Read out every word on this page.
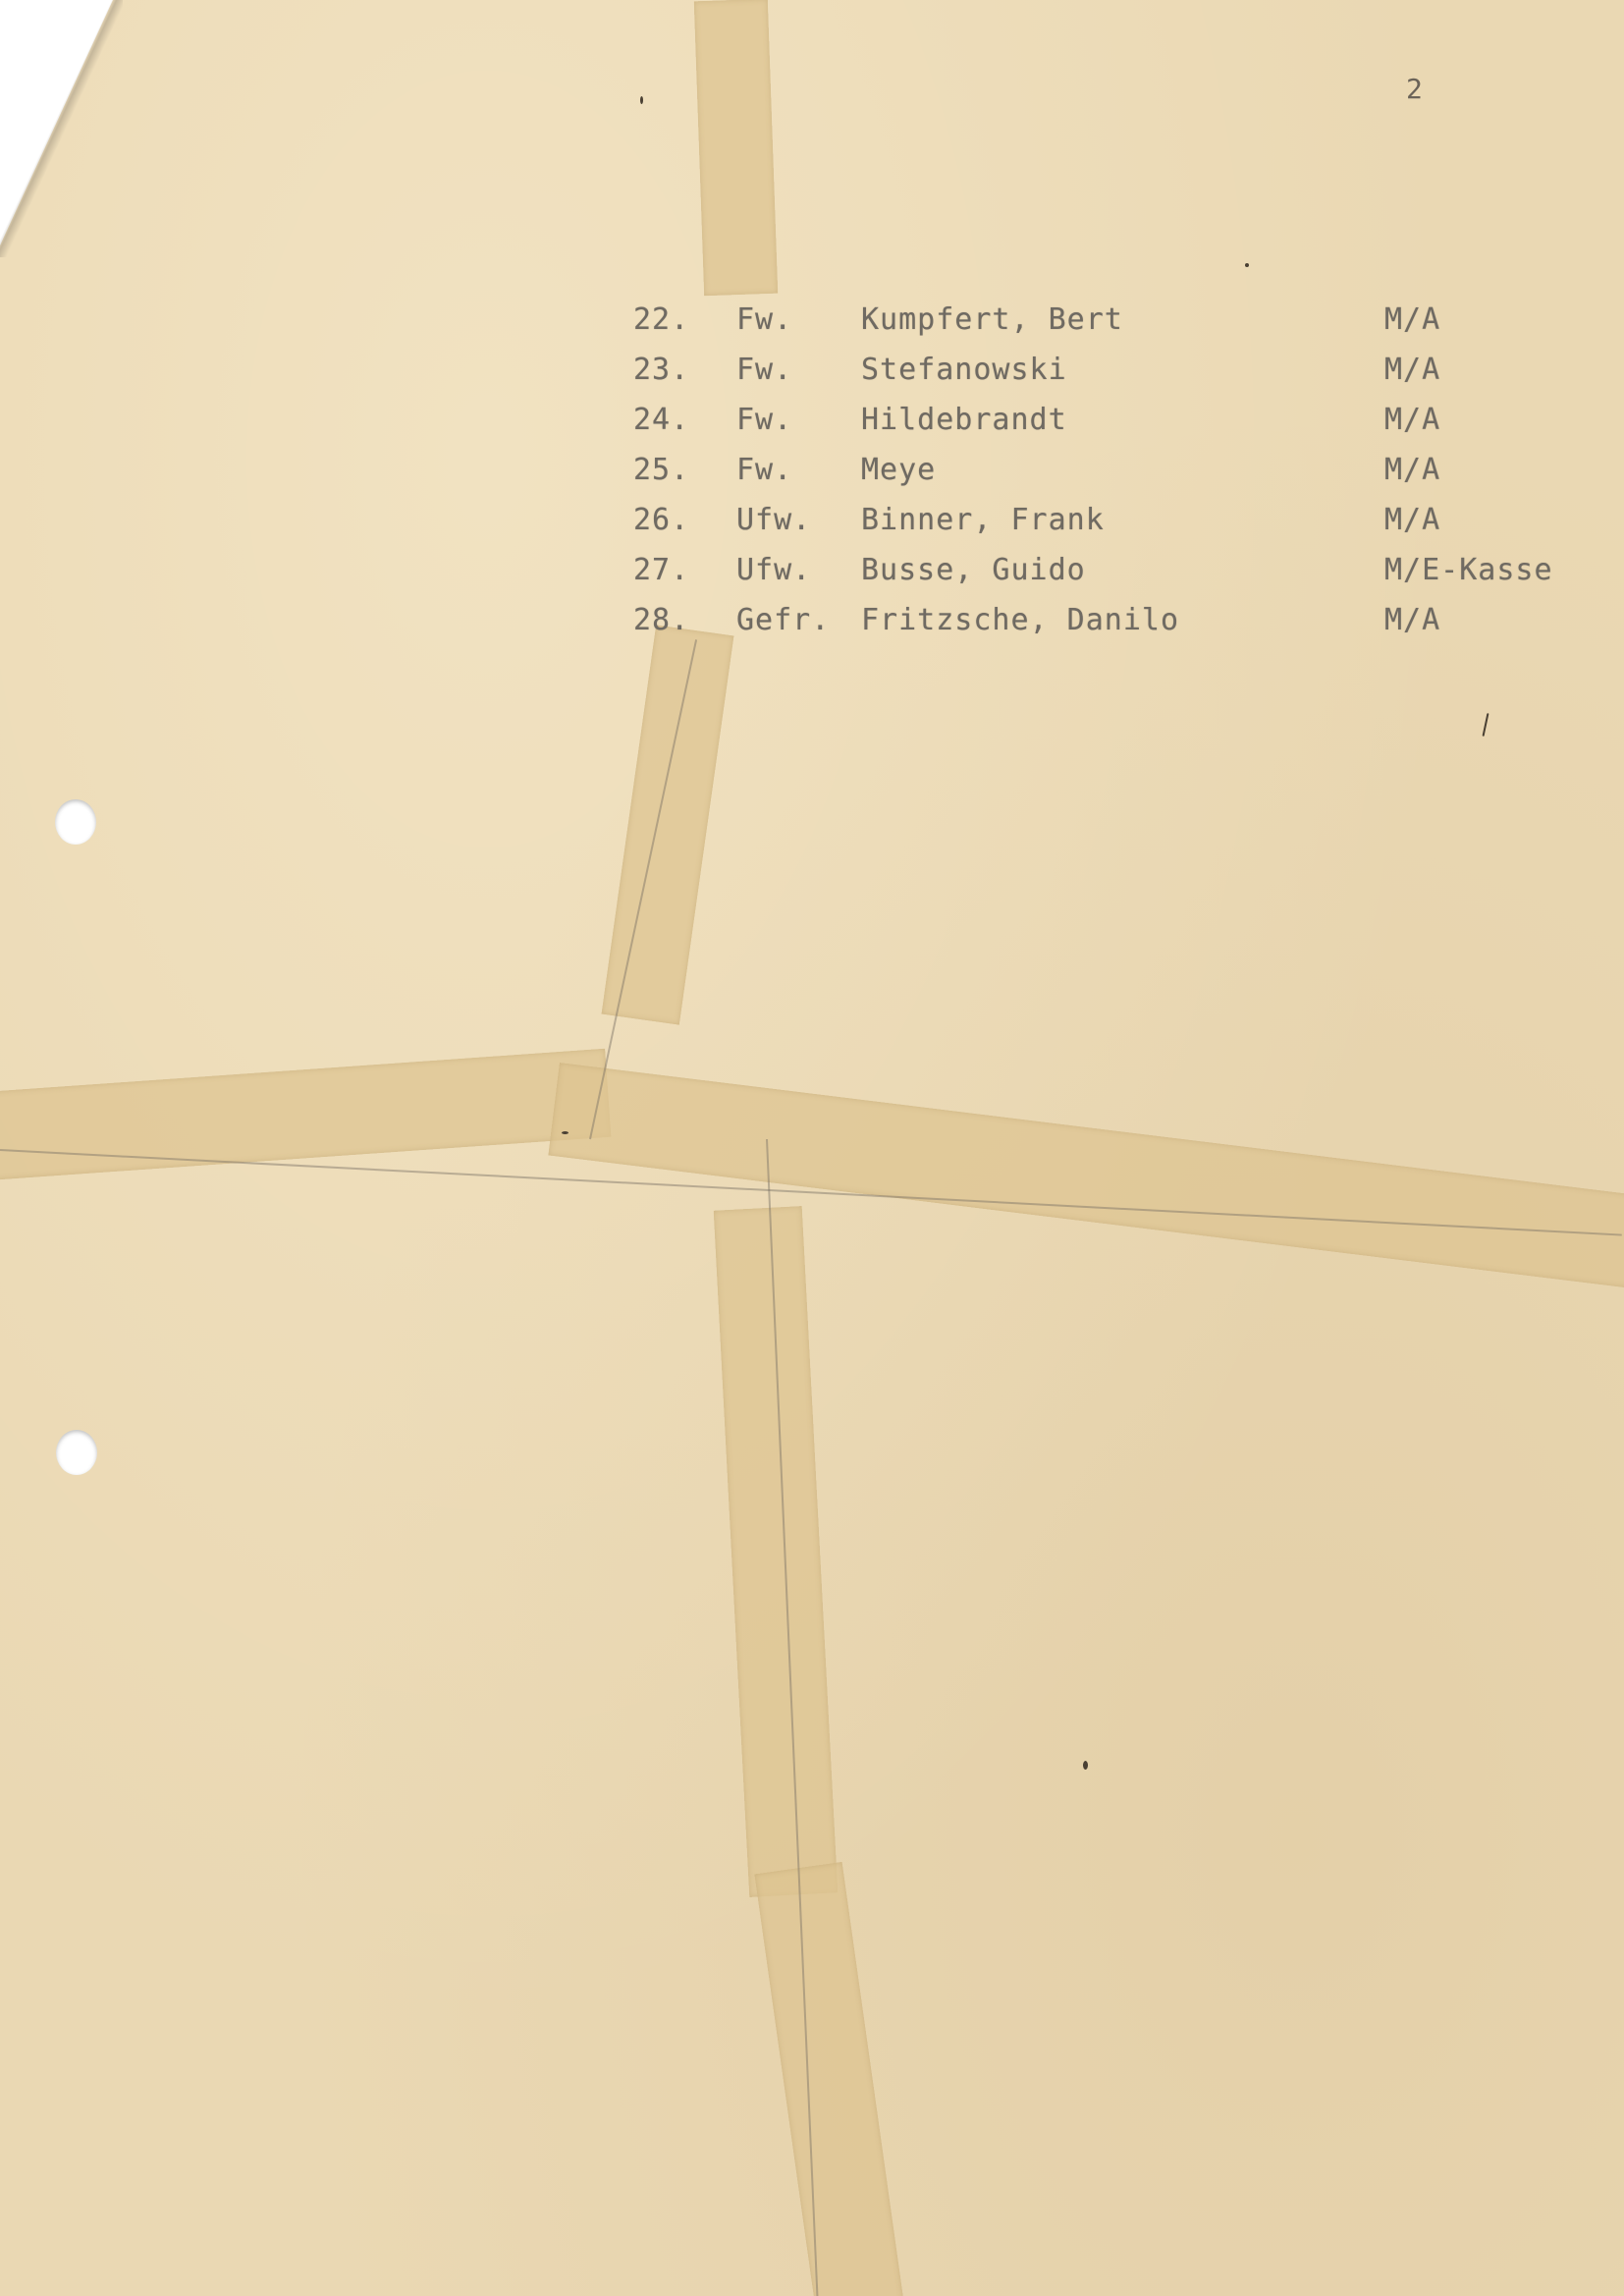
2
22. Fw. Kumpfert, Bert	M/A
23. Fw. Stefanowski	M/A
24. Fw. Hildebrandt	M/A
25. Fw. Meye	M/A
26. Ufw. Binner, Frank	M/A
27. Ufw. Busse, Guido	M/E-Kasse
28. Gefr. Fritzsche, Danilo	M/A
